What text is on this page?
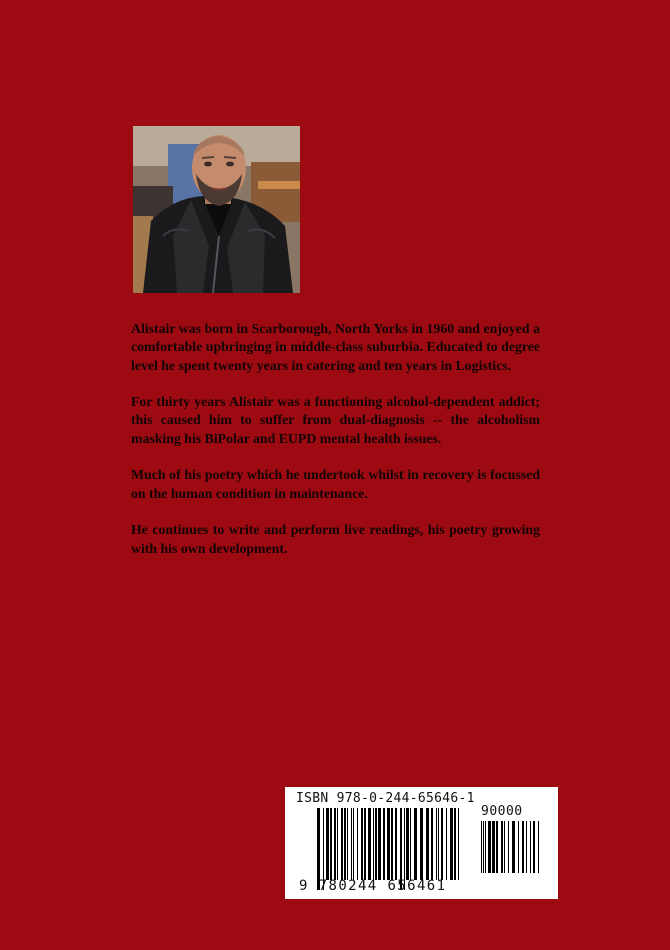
Alistair was born in Scarborough, North Yorks in 1960 and enjoyed a comfortable upbringing in middle-class suburbia. Educated to degree level he spent twenty years in catering and ten years in Logistics.

For thirty years Alistair was a functioning alcohol-dependent addict; this caused him to suffer from dual-diagnosis -- the alcoholism masking his BiPolar and EUPD mental health issues.

Much of his poetry which he undertook whilst in recovery is focussed on the human condition in maintenance.

He continues to write and perform live readings, his poetry growing with his own development.

ISBN 978-0-244-65646-1
90000
9 780244 656461
